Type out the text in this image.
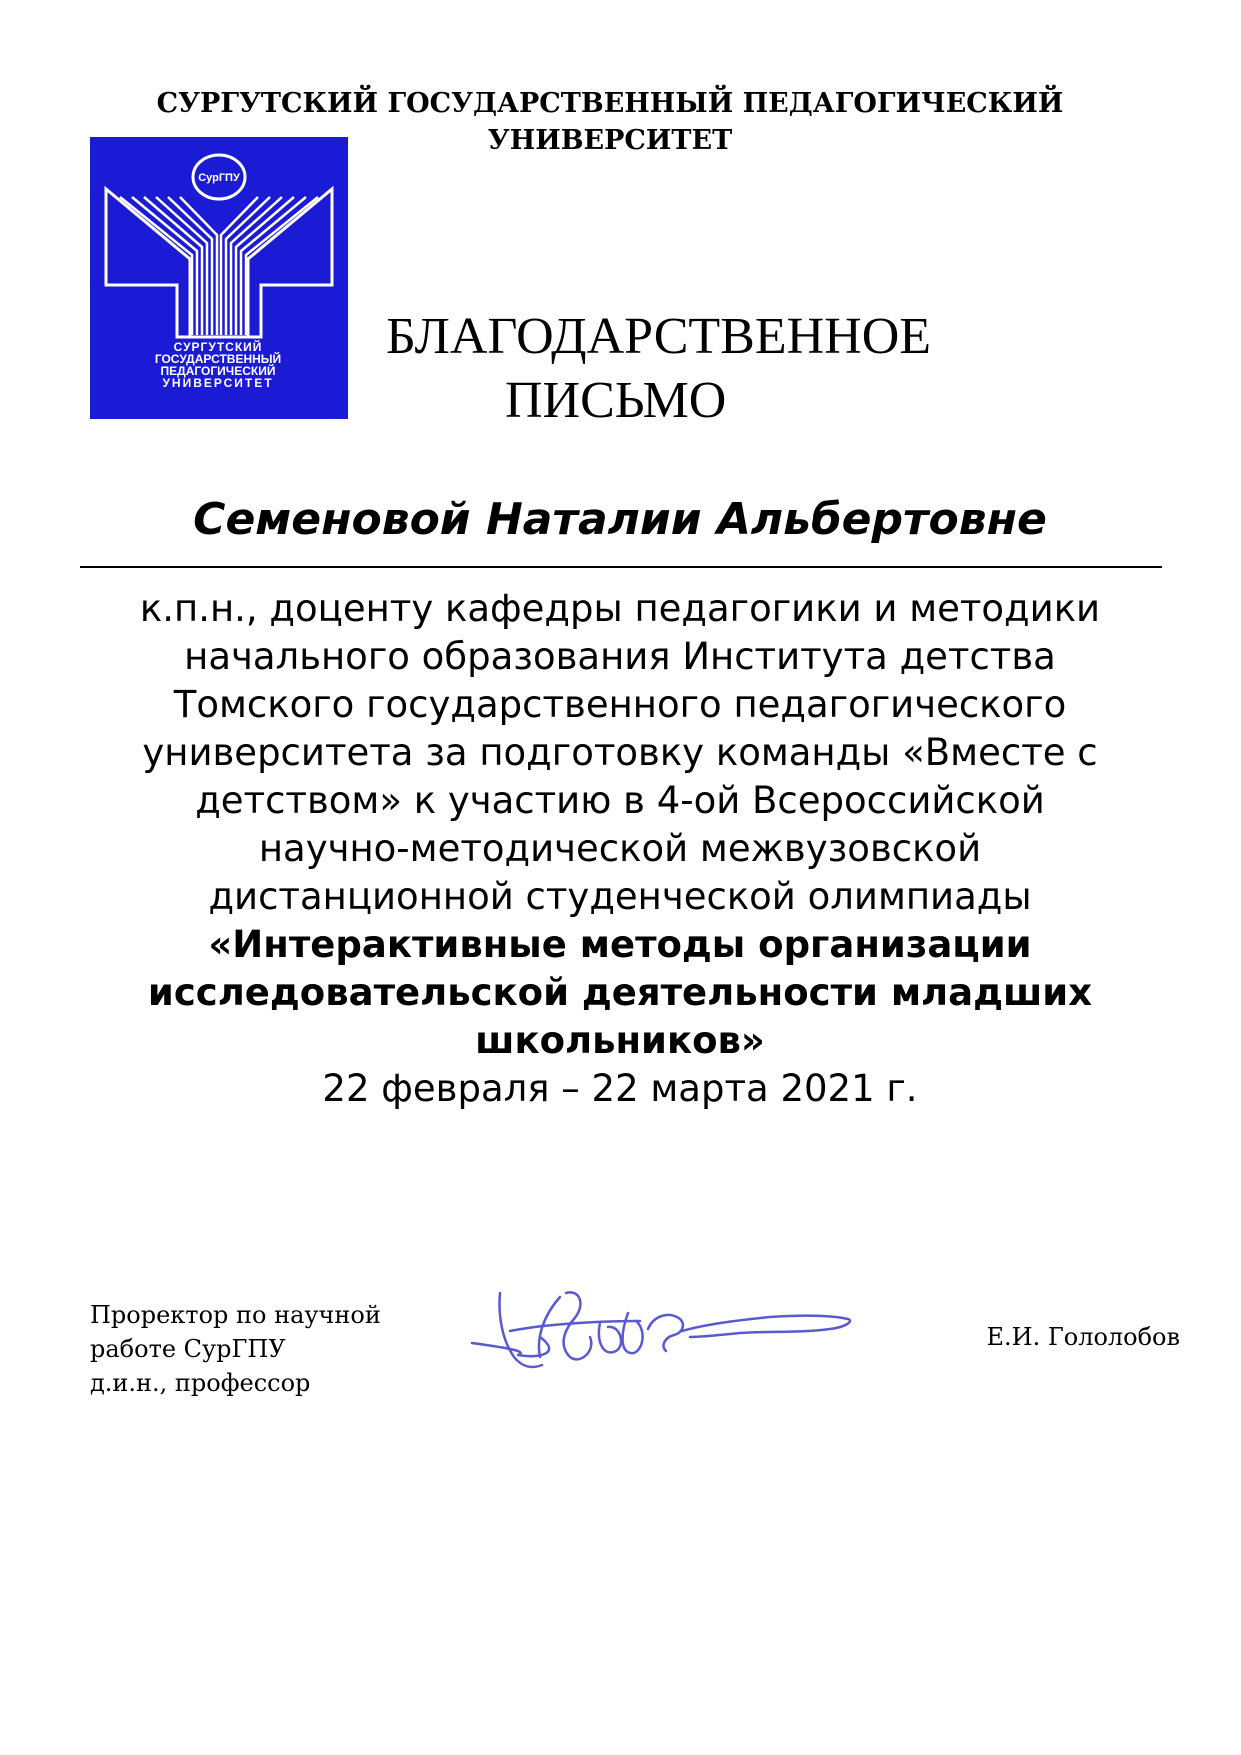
СУРГУТСКИЙ ГОСУДАРСТВЕННЫЙ ПЕДАГОГИЧЕСКИЙ
УНИВЕРСИТЕТ
СурГПУ
СУРГУТСКИЙ
ГОСУДАРСТВЕННЫЙ
ПЕДАГОГИЧЕСКИЙ
УНИВЕРСИТЕТ
БЛАГОДАРСТВЕННОЕ
ПИСЬМО
Семеновой Наталии Альбертовне
к.п.н., доценту кафедры педагогики и методики
начального образования Института детства
Томского государственного педагогического
университета за подготовку команды «Вместе с
детством» к участию в 4-ой Всероссийской
научно-методической межвузовской
дистанционной студенческой олимпиады
«Интерактивные методы организации
исследовательской деятельности младших
школьников»
22 февраля – 22 марта 2021 г.
Проректор по научной
работе СурГПУ
д.и.н., профессор
Е.И. Гололобов
